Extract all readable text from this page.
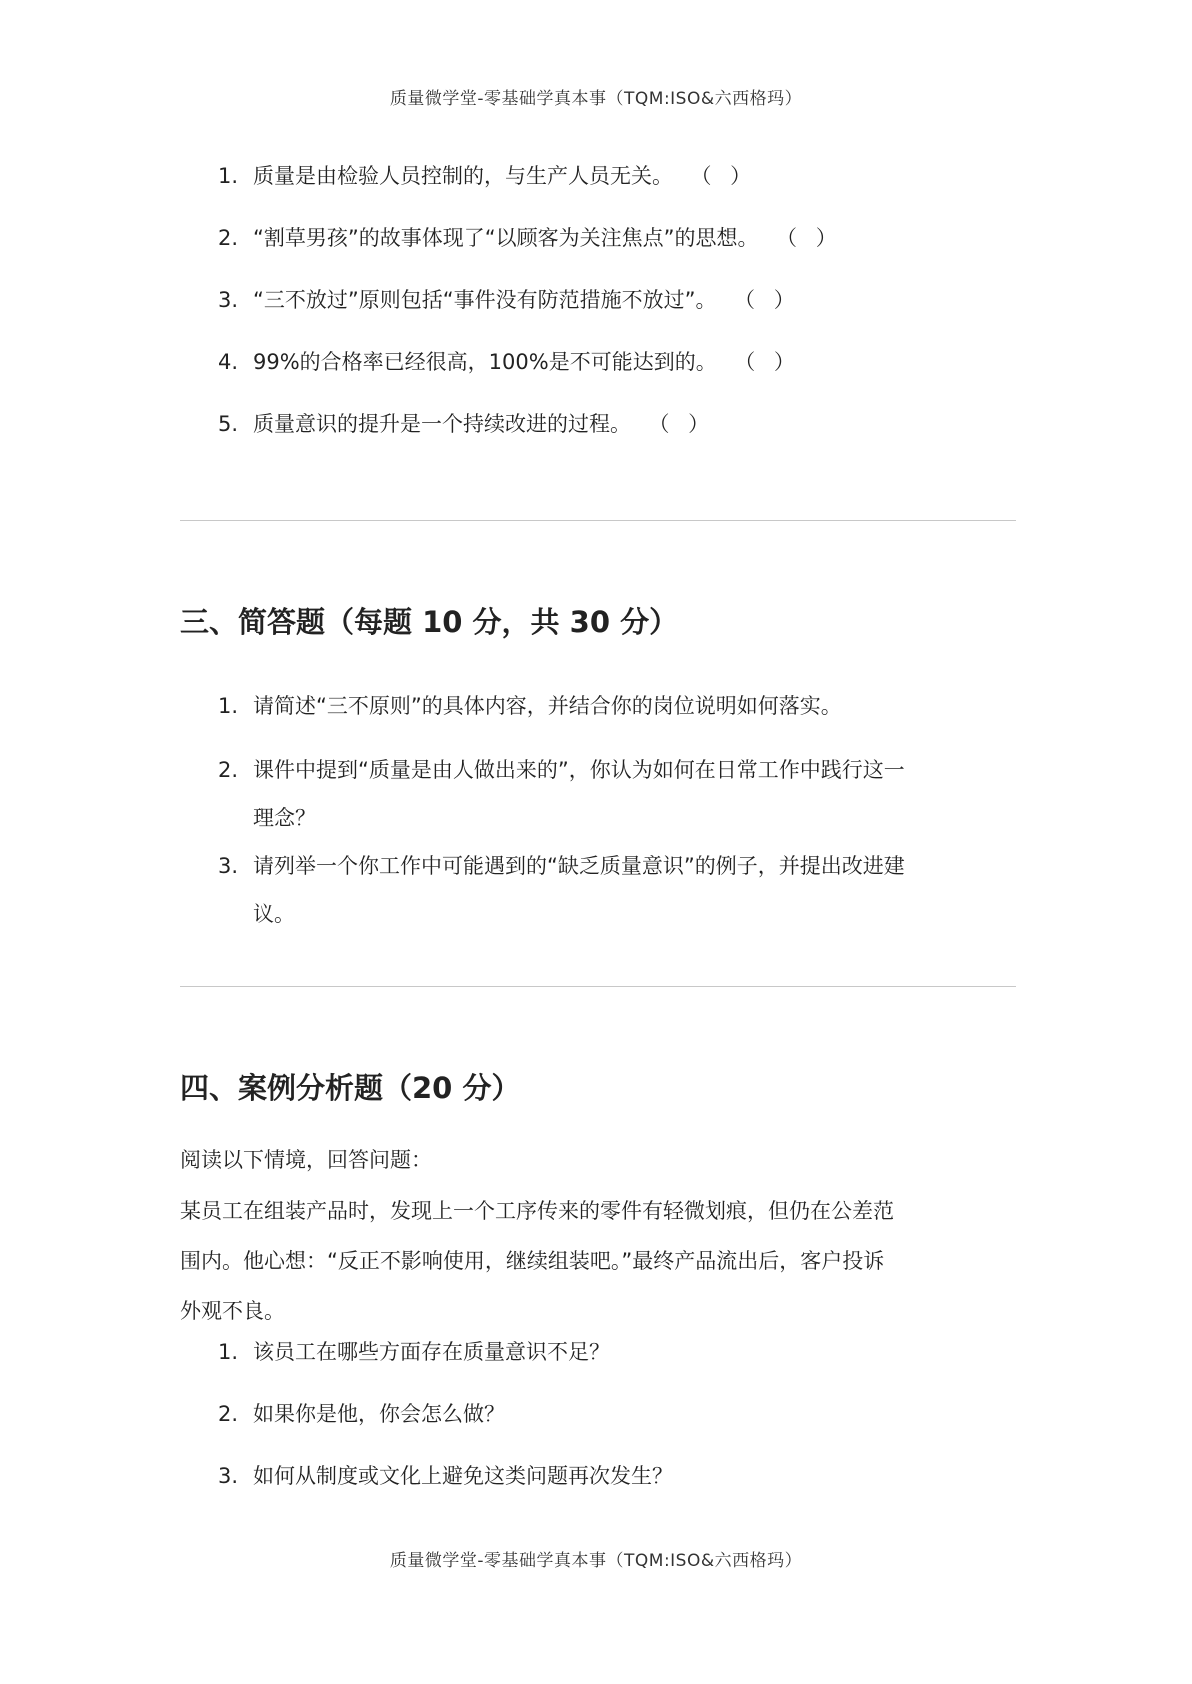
质量微学堂-零基础学真本事（TQM:ISO&六西格玛）
1. 质量是由检验人员控制的，与生产人员无关。 （ ）
2. “割草男孩”的故事体现了“以顾客为关注焦点”的思想。 （ ）
3. “三不放过”原则包括“事件没有防范措施不放过”。 （ ）
4. 99%的合格率已经很高，100%是不可能达到的。 （ ）
5. 质量意识的提升是一个持续改进的过程。 （ ）
三、简答题（每题 10 分，共 30 分）
1. 请简述“三不原则”的具体内容，并结合你的岗位说明如何落实。
2. 课件中提到“质量是由人做出来的”，你认为如何在日常工作中践行这一
理念？
3. 请列举一个你工作中可能遇到的“缺乏质量意识”的例子，并提出改进建
议。
四、案例分析题（20 分）
阅读以下情境，回答问题：
某员工在组装产品时，发现上一个工序传来的零件有轻微划痕，但仍在公差范
围内。他心想：“反正不影响使用，继续组装吧。”最终产品流出后，客户投诉
外观不良。
1. 该员工在哪些方面存在质量意识不足？
2. 如果你是他，你会怎么做？
3. 如何从制度或文化上避免这类问题再次发生？
质量微学堂-零基础学真本事（TQM:ISO&六西格玛）
